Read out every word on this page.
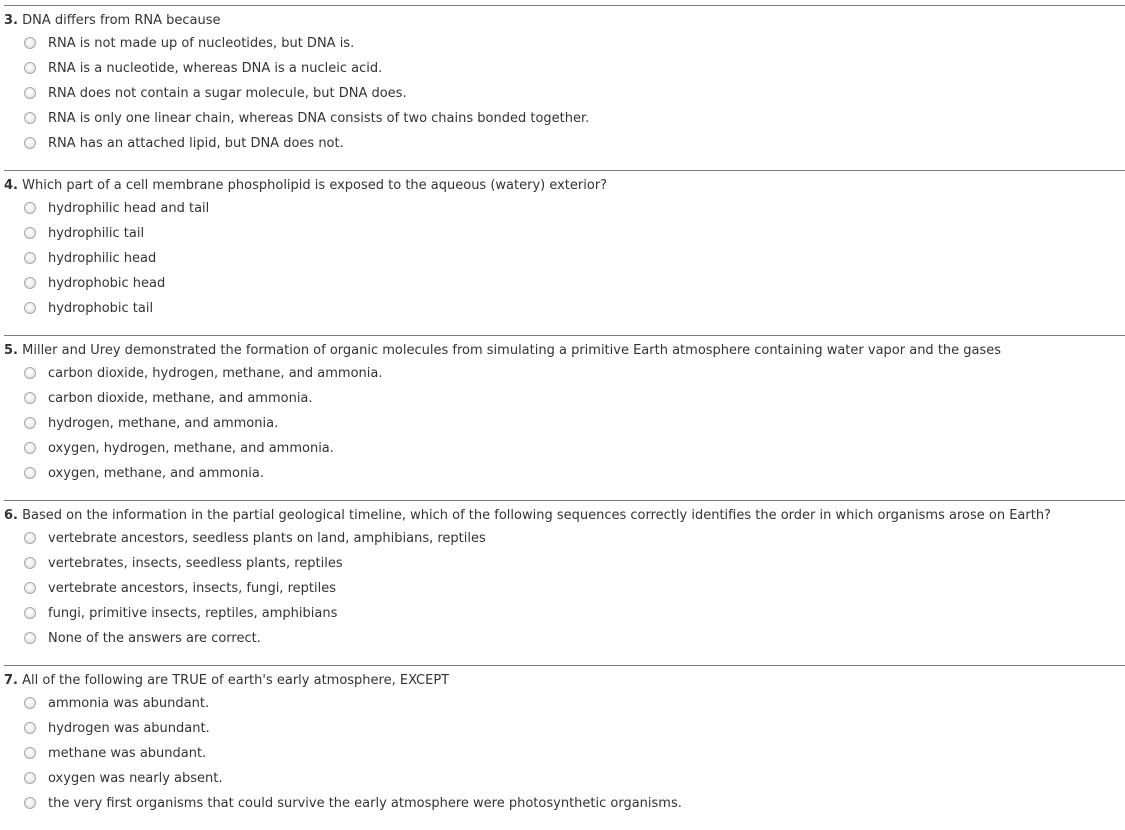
3. DNA differs from RNA because
RNA is not made up of nucleotides, but DNA is.
RNA is a nucleotide, whereas DNA is a nucleic acid.
RNA does not contain a sugar molecule, but DNA does.
RNA is only one linear chain, whereas DNA consists of two chains bonded together.
RNA has an attached lipid, but DNA does not.
4. Which part of a cell membrane phospholipid is exposed to the aqueous (watery) exterior?
hydrophilic head and tail
hydrophilic tail
hydrophilic head
hydrophobic head
hydrophobic tail
5. Miller and Urey demonstrated the formation of organic molecules from simulating a primitive Earth atmosphere containing water vapor and the gases
carbon dioxide, hydrogen, methane, and ammonia.
carbon dioxide, methane, and ammonia.
hydrogen, methane, and ammonia.
oxygen, hydrogen, methane, and ammonia.
oxygen, methane, and ammonia.
6. Based on the information in the partial geological timeline, which of the following sequences correctly identifies the order in which organisms arose on Earth?
vertebrate ancestors, seedless plants on land, amphibians, reptiles
vertebrates, insects, seedless plants, reptiles
vertebrate ancestors, insects, fungi, reptiles
fungi, primitive insects, reptiles, amphibians
None of the answers are correct.
7. All of the following are TRUE of earth's early atmosphere, EXCEPT
ammonia was abundant.
hydrogen was abundant.
methane was abundant.
oxygen was nearly absent.
the very first organisms that could survive the early atmosphere were photosynthetic organisms.
